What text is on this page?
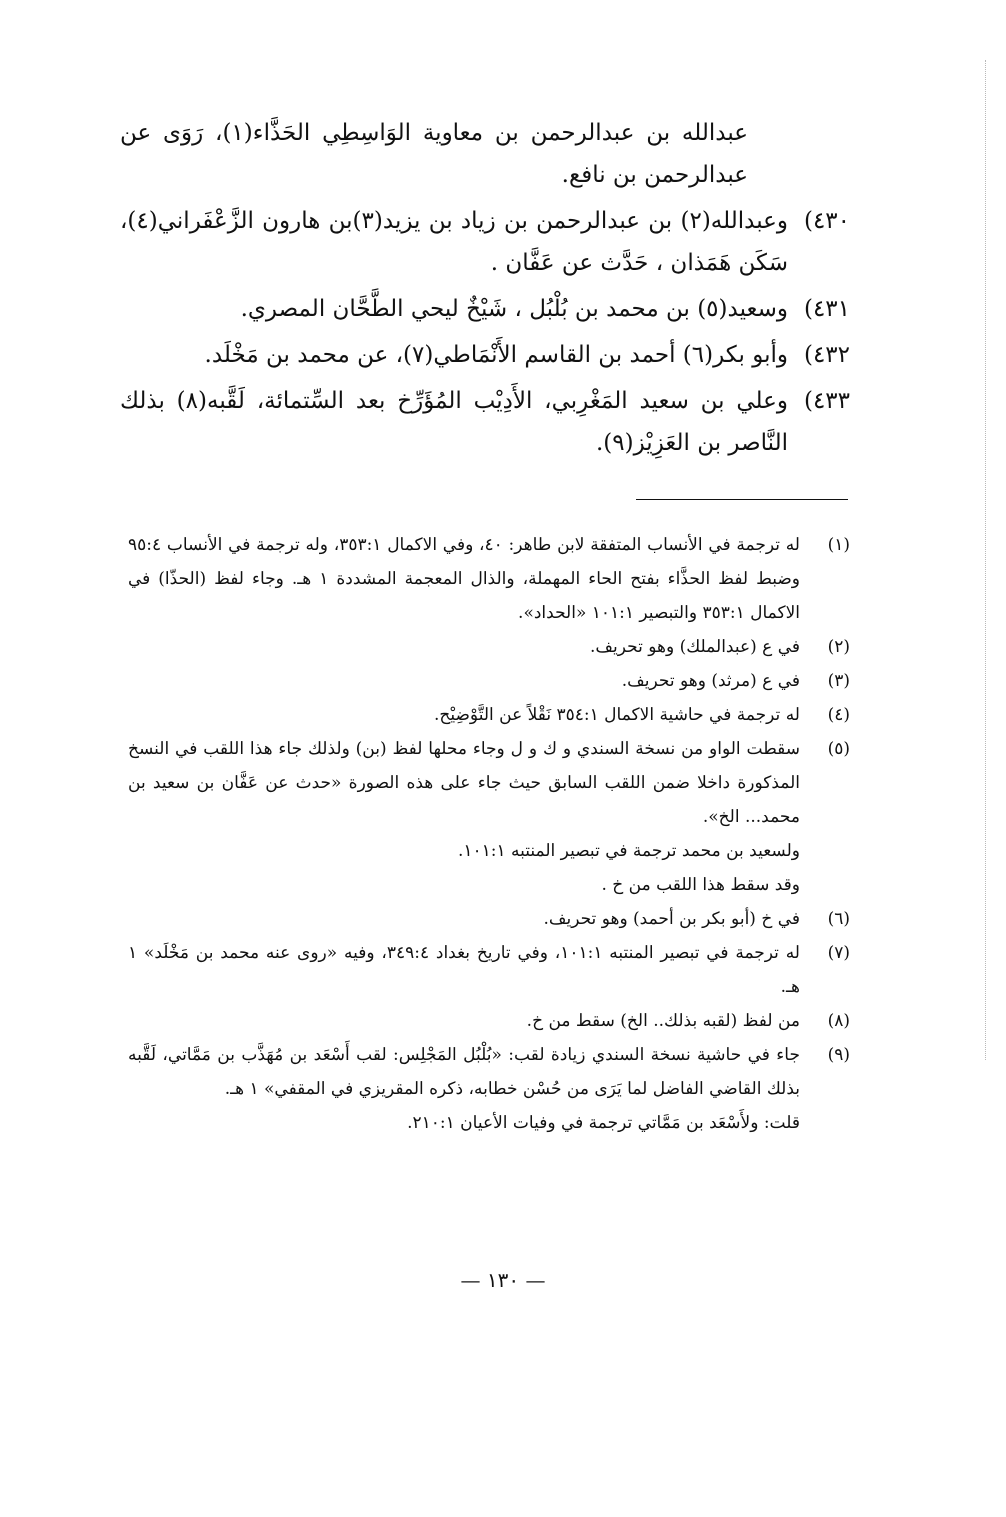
عبدالله بن عبدالرحمن بن معاوية الوَاسِطِي الحَذَّاء(١)، رَوَى عن عبدالرحمن بن نافع.
٤٣٠)
وعبدالله(٢) بن عبدالرحمن بن زياد بن يزيد(٣)بن هارون الزَّعْفَراني(٤)، سَكَن هَمَذان ، حَدَّث عن عَفَّان .
٤٣١)
وسعيد(٥) بن محمد بن بُلْبُل ، شَيْخٌ ليحي الطَّحَّان المصري.
٤٣٢)
وأبو بكر(٦) أحمد بن القاسم الأَنْمَاطي(٧)، عن محمد بن مَخْلَد.
٤٣٣)
وعلي بن سعيد المَغْرِبي، الأَدِيْب المُؤَرِّخ بعد السِّتمائة، لَقَّبه(٨) بذلك النَّاصر بن العَزِيْز(٩).
(١)

له ترجمة في الأنساب المتفقة لابن طاهر: ٤٠، وفي الاكمال ٣٥٣:١، وله ترجمة في الأنساب ٩٥:٤ وضبط لفظ الحذَّاء بفتح الحاء المهملة، والذال المعجمة المشددة ١ هـ. وجاء لفظ (الحذّا) في الاكمال ٣٥٣:١ والتبصير ١٠١:١ «الحداد».

(٢)

في ع (عبدالملك) وهو تحريف.

(٣)

في ع (مرثد) وهو تحريف.

(٤)

له ترجمة في حاشية الاكمال ٣٥٤:١ نَقْلاً عن التَّوْضِيْح.

(٥)

سقطت الواو من نسخة السندي و ك و ل وجاء محلها لفظ (بن) ولذلك جاء هذا اللقب في النسخ المذكورة داخلا ضمن اللقب السابق حيث جاء على هذه الصورة «حدث عن عَفَّان بن سعيد بن محمد... الخ».

ولسعيد بن محمد ترجمة في تبصير المنتبه ١٠١:١.

وقد سقط هذا اللقب من خ .

(٦)

في خ (أبو بكر بن أحمد) وهو تحريف.

(٧)

له ترجمة في تبصير المنتبه ١٠١:١، وفي تاريخ بغداد ٣٤٩:٤، وفيه «روى عنه محمد بن مَخْلَد» ١ هـ.

(٨)

من لفظ (لقبه بذلك.. الخ) سقط من خ.

(٩)

جاء في حاشية نسخة السندي زيادة لقب: «بُلْبُل المَجْلِس: لقب أَسْعَد بن مُهَذَّب بن مَمَّاتي، لَقَّبه بذلك القاضي الفاضل لما يَرَى من حُسْن خطابه، ذكره المقريزي في المقفي» ١ هـ.

قلت: ولأَسْعَد بن مَمَّاتي ترجمة في وفيات الأعيان ٢١٠:١.

— ١٣٠ —
